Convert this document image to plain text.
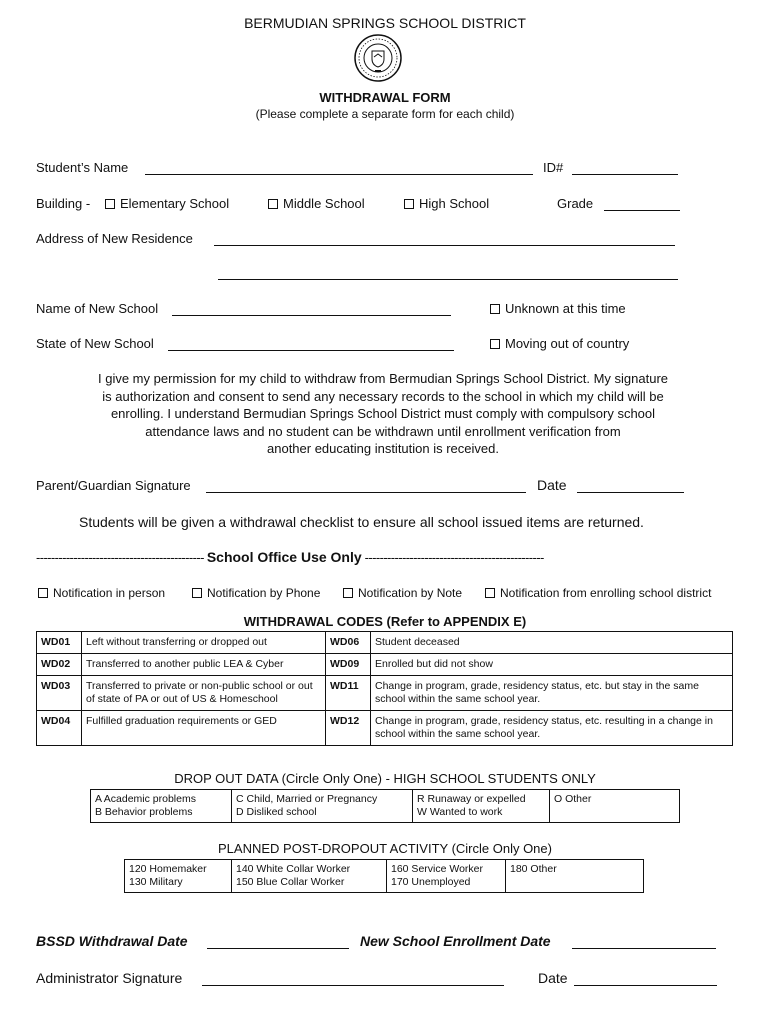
BERMUDIAN SPRINGS SCHOOL DISTRICT
WITHDRAWAL FORM
(Please complete a separate form for each child)
Student’s Name	ID#
Building -	Elementary School	Middle School	High School	Grade
Address of New Residence
Name of New School	Unknown at this time
State of New School	Moving out of country
I give my permission for my child to withdraw from Bermudian Springs School District. My signature
is authorization and consent to send any necessary records to the school in which my child will be
enrolling. I understand Bermudian Springs School District must comply with compulsory school
attendance laws and no student can be withdrawn until enrollment verification from
another educating institution is received.
Parent/Guardian Signature	Date
Students will be given a withdrawal checklist to ensure all school issued items are returned.
--------------------------------------------- School Office Use Only ------------------------------------------------
Notification in person	Notification by Phone	Notification by Note	Notification from enrolling school district
WITHDRAWAL CODES (Refer to APPENDIX E)
WD01	Left without transferring or dropped out	WD06	Student deceased
WD02	Transferred to another public LEA & Cyber	WD09	Enrolled but did not show
WD03	Transferred to private or non-public school or out of state of PA or out of US & Homeschool	WD11	Change in program, grade, residency status, etc. but stay in the same school within the same school year.
WD04	Fulfilled graduation requirements or GED	WD12	Change in program, grade, residency status, etc. resulting in a change in school within the same school year.
DROP OUT DATA (Circle Only One) - HIGH SCHOOL STUDENTS ONLY
A Academic problems
B Behavior problems

C Child, Married or Pregnancy
D Disliked school

R Runaway or expelled
W Wanted to work

O Other
PLANNED POST-DROPOUT ACTIVITY (Circle Only One)
120 Homemaker
130 Military

140 White Collar Worker
150 Blue Collar Worker

160 Service Worker
170 Unemployed

180 Other
BSSD Withdrawal Date	New School Enrollment Date
Administrator Signature	Date
